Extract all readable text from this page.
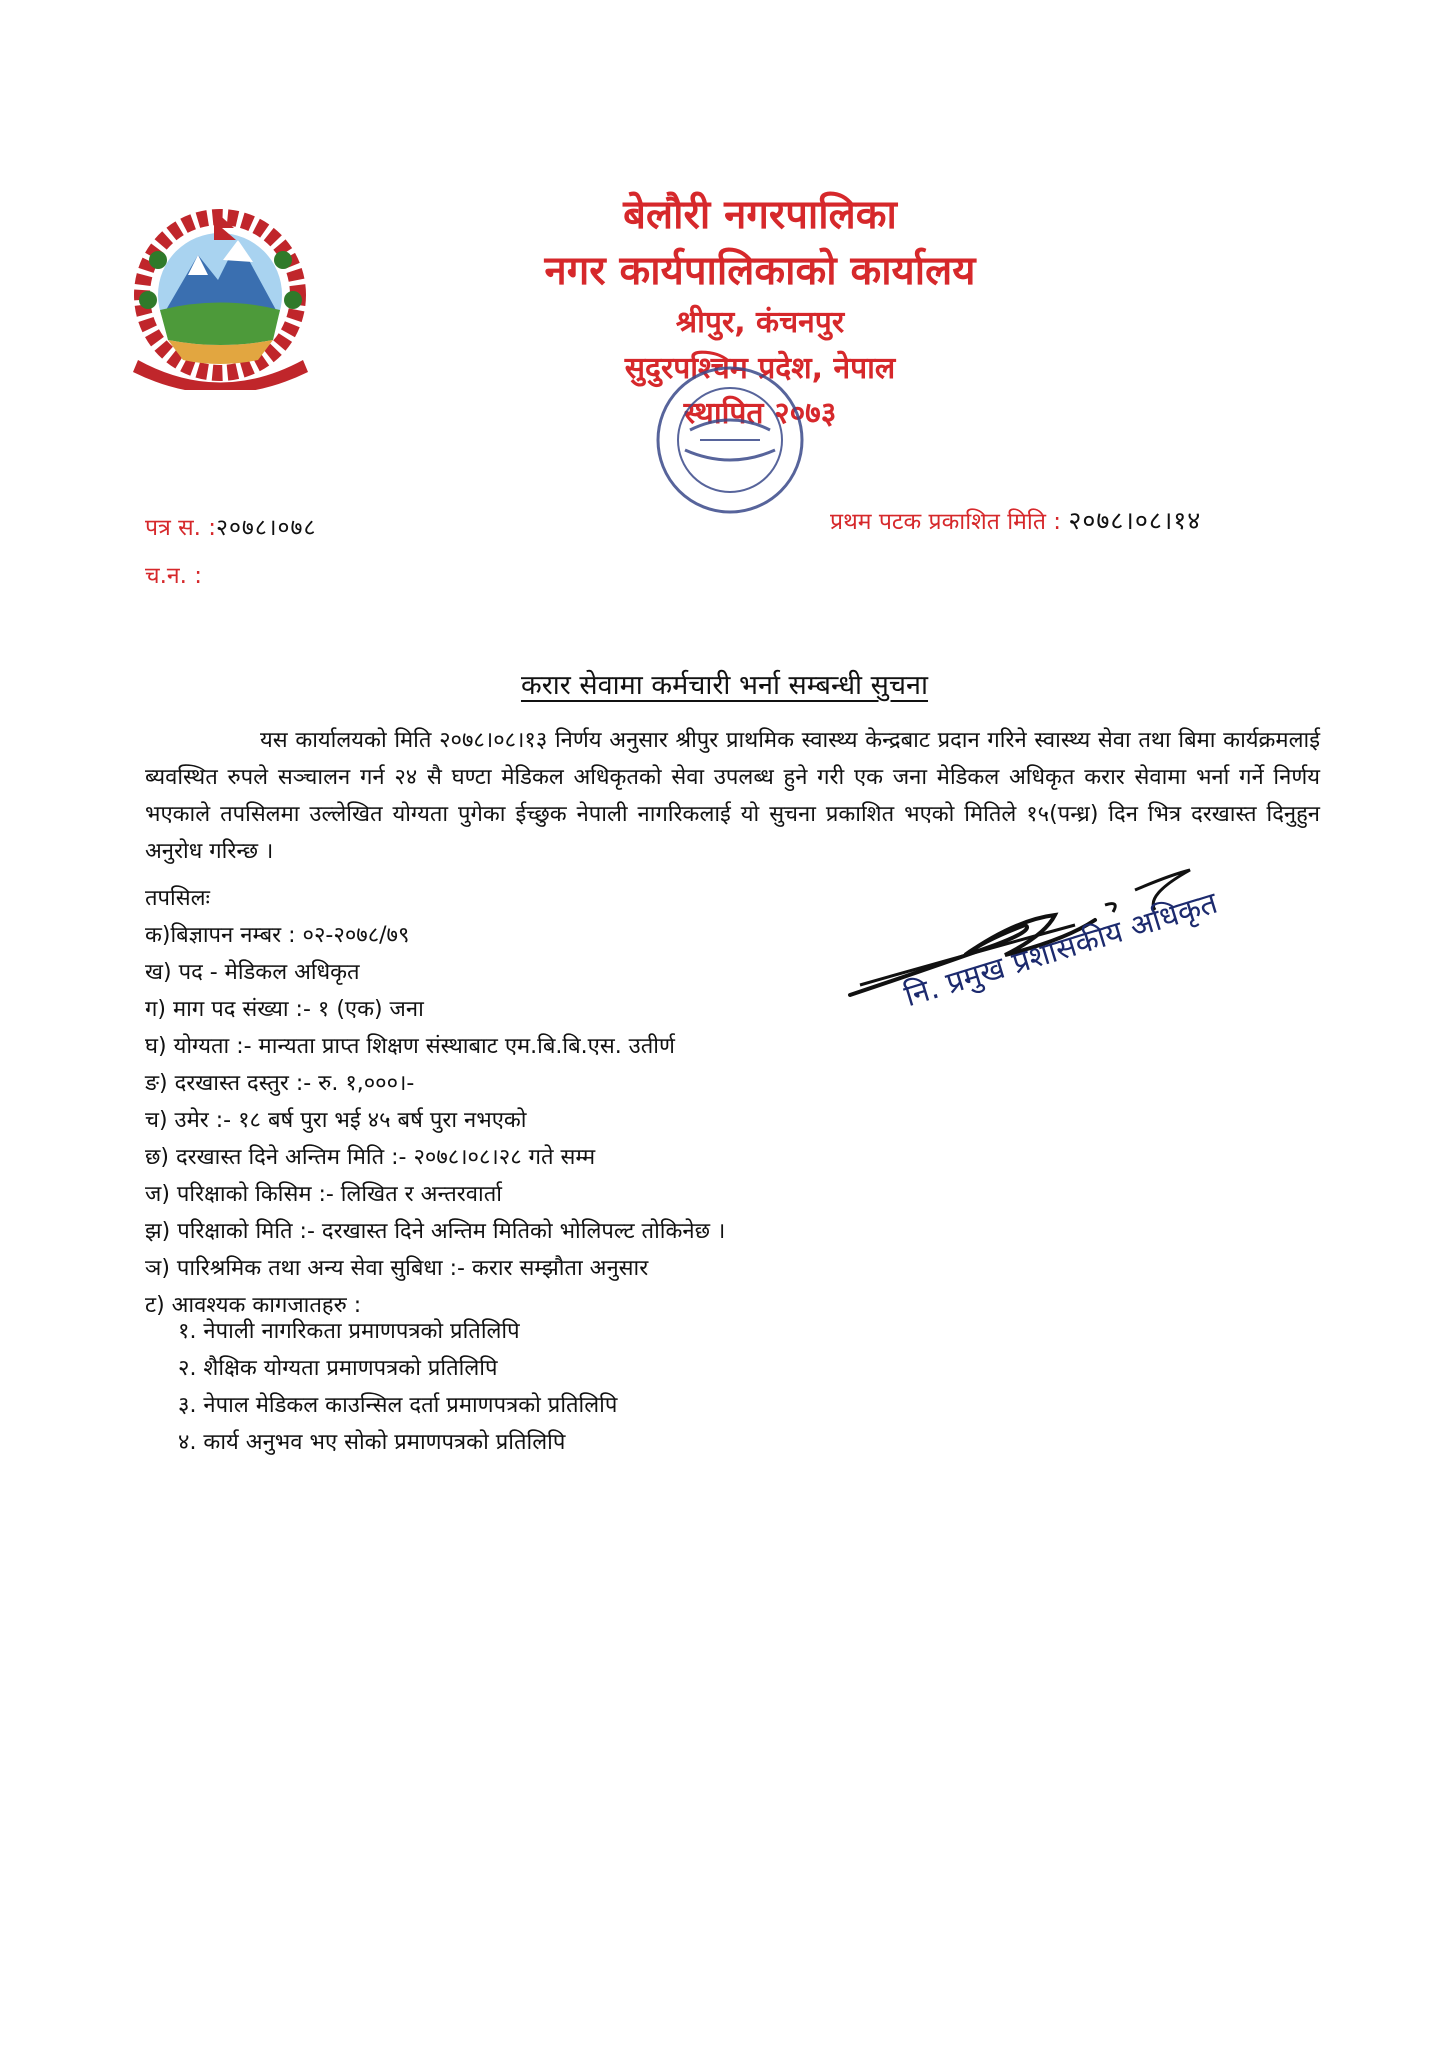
बेलौरी नगरपालिका
नगर कार्यपालिकाको कार्यालय
श्रीपुर, कंचनपुर
सुदुरपश्चिम प्रदेश, नेपाल
स्थापित २०७३
पत्र स. :२०७८।०७८
च.न. :
प्रथम पटक प्रकाशित मिति : २०७८।०८।१४
करार सेवामा कर्मचारी भर्ना सम्बन्धी सुचना
यस कार्यालयको मिति २०७८।०८।१३ निर्णय अनुसार श्रीपुर प्राथमिक स्वास्थ्य केन्द्रबाट प्रदान गरिने स्वास्थ्य सेवा तथा बिमा कार्यक्रमलाई ब्यवस्थित रुपले सञ्चालन गर्न २४ सै घण्टा मेडिकल अधिकृतको सेवा उपलब्ध हुने गरी एक जना मेडिकल अधिकृत करार सेवामा भर्ना गर्ने निर्णय भएकाले तपसिलमा उल्लेखित योग्यता पुगेका ईच्छुक नेपाली नागरिकलाई यो सुचना प्रकाशित भएको मितिले १५(पन्ध्र) दिन भित्र दरखास्त दिनुहुन अनुरोध गरिन्छ ।
तपसिलः
क)बिज्ञापन नम्बर : ०२-२०७८/७९
ख) पद - मेडिकल अधिकृत
ग) माग पद संख्या :- १ (एक) जना
घ) योग्यता :- मान्यता प्राप्त शिक्षण संस्थाबाट एम.बि.बि.एस. उतीर्ण
ङ) दरखास्त दस्तुर :- रु. १,०००।-
च) उमेर :- १८ बर्ष पुरा भई ४५ बर्ष पुरा नभएको
छ) दरखास्त दिने अन्तिम मिति :- २०७८।०८।२८ गते सम्म
ज) परिक्षाको किसिम :- लिखित र अन्तरवार्ता
झ) परिक्षाको मिति :- दरखास्त दिने अन्तिम मितिको भोलिपल्ट तोकिनेछ ।
ञ) पारिश्रमिक तथा अन्य सेवा सुबिधा :- करार सम्झौता अनुसार
ट) आवश्यक कागजातहरु :
१. नेपाली नागरिकता प्रमाणपत्रको प्रतिलिपि
२. शैक्षिक योग्यता प्रमाणपत्रको प्रतिलिपि
३. नेपाल मेडिकल काउन्सिल दर्ता प्रमाणपत्रको प्रतिलिपि
४. कार्य अनुभव भए सोको प्रमाणपत्रको प्रतिलिपि
नि. प्रमुख प्रशासकीय अधिकृत
